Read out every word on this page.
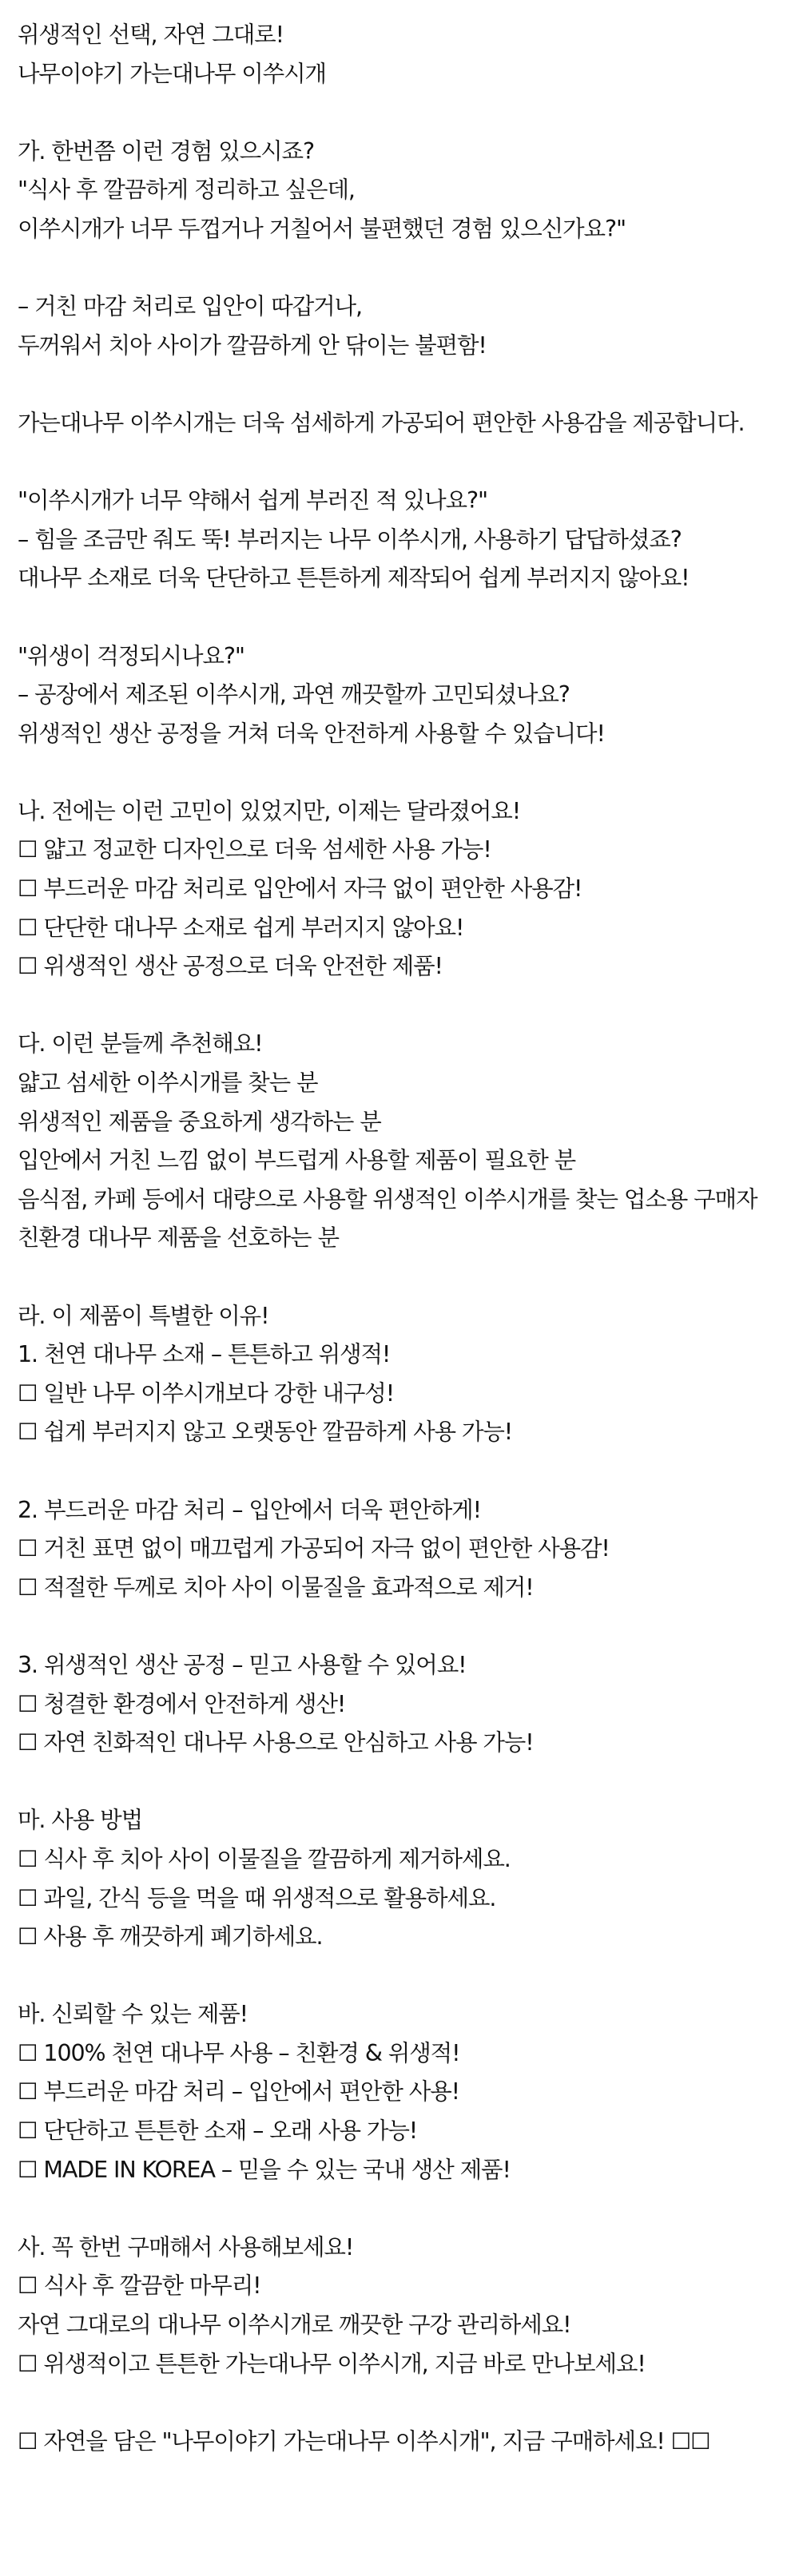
위생적인 선택, 자연 그대로!
나무이야기 가는대나무 이쑤시개
가. 한번쯤 이런 경험 있으시죠?
"식사 후 깔끔하게 정리하고 싶은데,
이쑤시개가 너무 두껍거나 거칠어서 불편했던 경험 있으신가요?"
– 거친 마감 처리로 입안이 따갑거나,
두꺼워서 치아 사이가 깔끔하게 안 닦이는 불편함!
가는대나무 이쑤시개는 더욱 섬세하게 가공되어 편안한 사용감을 제공합니다.
"이쑤시개가 너무 약해서 쉽게 부러진 적 있나요?"
– 힘을 조금만 줘도 뚝! 부러지는 나무 이쑤시개, 사용하기 답답하셨죠?
대나무 소재로 더욱 단단하고 튼튼하게 제작되어 쉽게 부러지지 않아요!
"위생이 걱정되시나요?"
– 공장에서 제조된 이쑤시개, 과연 깨끗할까 고민되셨나요?
위생적인 생산 공정을 거쳐 더욱 안전하게 사용할 수 있습니다!
나. 전에는 이런 고민이 있었지만, 이제는 달라졌어요!
☐ 얇고 정교한 디자인으로 더욱 섬세한 사용 가능!
☐ 부드러운 마감 처리로 입안에서 자극 없이 편안한 사용감!
☐ 단단한 대나무 소재로 쉽게 부러지지 않아요!
☐ 위생적인 생산 공정으로 더욱 안전한 제품!
다. 이런 분들께 추천해요!
얇고 섬세한 이쑤시개를 찾는 분
위생적인 제품을 중요하게 생각하는 분
입안에서 거친 느낌 없이 부드럽게 사용할 제품이 필요한 분
음식점, 카페 등에서 대량으로 사용할 위생적인 이쑤시개를 찾는 업소용 구매자
친환경 대나무 제품을 선호하는 분
라. 이 제품이 특별한 이유!
1. 천연 대나무 소재 – 튼튼하고 위생적!
☐ 일반 나무 이쑤시개보다 강한 내구성!
☐ 쉽게 부러지지 않고 오랫동안 깔끔하게 사용 가능!
2. 부드러운 마감 처리 – 입안에서 더욱 편안하게!
☐ 거친 표면 없이 매끄럽게 가공되어 자극 없이 편안한 사용감!
☐ 적절한 두께로 치아 사이 이물질을 효과적으로 제거!
3. 위생적인 생산 공정 – 믿고 사용할 수 있어요!
☐ 청결한 환경에서 안전하게 생산!
☐ 자연 친화적인 대나무 사용으로 안심하고 사용 가능!
마. 사용 방법
☐ 식사 후 치아 사이 이물질을 깔끔하게 제거하세요.
☐ 과일, 간식 등을 먹을 때 위생적으로 활용하세요.
☐ 사용 후 깨끗하게 폐기하세요.
바. 신뢰할 수 있는 제품!
☐ 100% 천연 대나무 사용 – 친환경 & 위생적!
☐ 부드러운 마감 처리 – 입안에서 편안한 사용!
☐ 단단하고 튼튼한 소재 – 오래 사용 가능!
☐ MADE IN KOREA – 믿을 수 있는 국내 생산 제품!
사. 꼭 한번 구매해서 사용해보세요!
☐ 식사 후 깔끔한 마무리!
자연 그대로의 대나무 이쑤시개로 깨끗한 구강 관리하세요!
☐ 위생적이고 튼튼한 가는대나무 이쑤시개, 지금 바로 만나보세요!
☐ 자연을 담은 "나무이야기 가는대나무 이쑤시개", 지금 구매하세요! ☐☐
